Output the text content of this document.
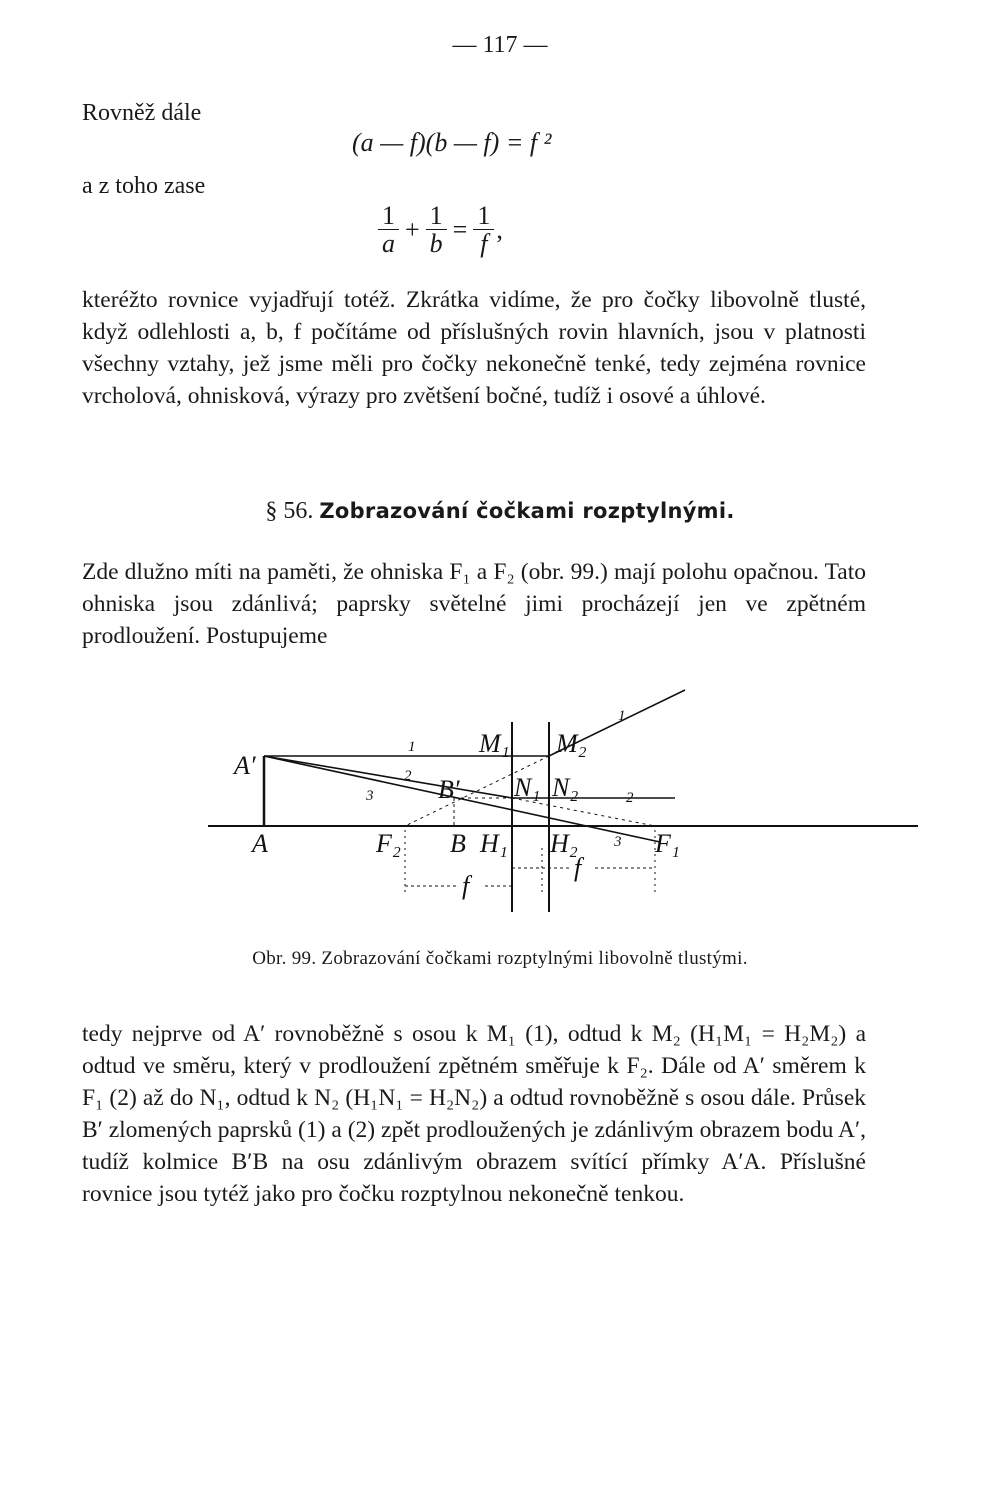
— 117 —
Rovněž dále
(a — f)(b — f) = f ²
a z toho zase
$\frac{1}{a} + \frac{1}{b} = \frac{1}{f}$ ,

kteréžto rovnice vyjadřují totéž. Zkrátka vidíme, že pro čočky libovolně tlusté, když odlehlosti a, b, f počítáme od příslušných rovin hlavních, jsou v platnosti všechny vztahy, jež jsme měli pro čočky nekonečně tenké, tedy zejména rovnice vrcholová, ohnisková, výrazy pro zvětšení bočné, tudíž i osové a úhlové.

§ 56. Zobrazování čočkami rozptylnými.

Zde dlužno míti na paměti, že ohniska F₁ a F₂ (obr. 99.) mají polohu opačnou. Tato ohniska jsou zdánlivá; paprsky světelné jimi procházejí jen ve zpětném prodloužení. Postupujeme

A′
A
M₁ M₂
B′ N₁ N₂
F₂ B H₁ H₂	F₁
f
f
1
1
2
2
3
3
Obr. 99. Zobrazování čočkami rozptylnými libovolně tlustými.

tedy nejprve od A′ rovnoběžně s osou k M₁ (1), odtud k M₂ (H₁M₁ = H₂M₂) a odtud ve směru, který v prodloužení zpětném směřuje k F₂. Dále od A′ směrem k F₁ (2) až do N₁, odtud k N₂ (H₁N₁ = H₂N₂) a odtud rovnoběžně s osou dále. Průsek B′ zlomených paprsků (1) a (2) zpět prodloužených je zdánlivým obrazem bodu A′, tudíž kolmice B′B na osu zdánlivým obrazem svítící přímky A′A. Příslušné rovnice jsou tytéž jako pro čočku rozptylnou nekonečně tenkou.
